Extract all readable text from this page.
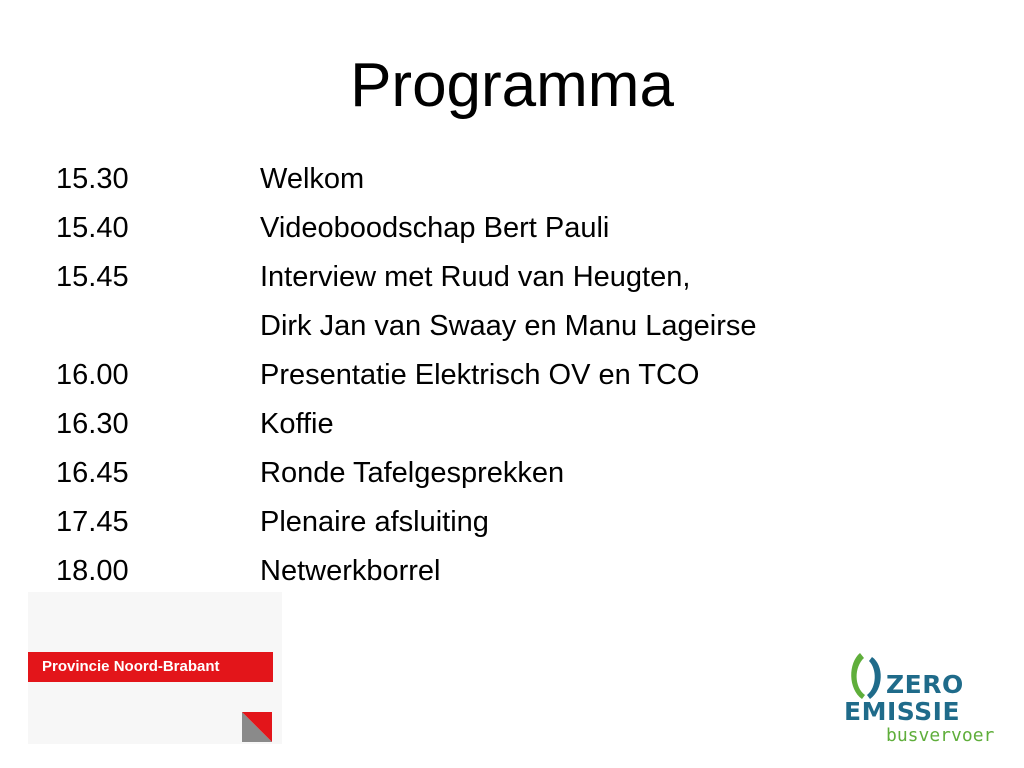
Programma
15.30	Welkom
15.40	Videoboodschap Bert Pauli
15.45	Interview met Ruud van Heugten,
Dirk Jan van Swaay en Manu Lageirse
16.00	Presentatie Elektrisch OV en TCO
16.30	Koffie
16.45	Ronde Tafelgesprekken
17.45	Plenaire afsluiting
18.00	Netwerkborrel
Provincie Noord-Brabant
ZERO
EMISSIE
busvervoer
